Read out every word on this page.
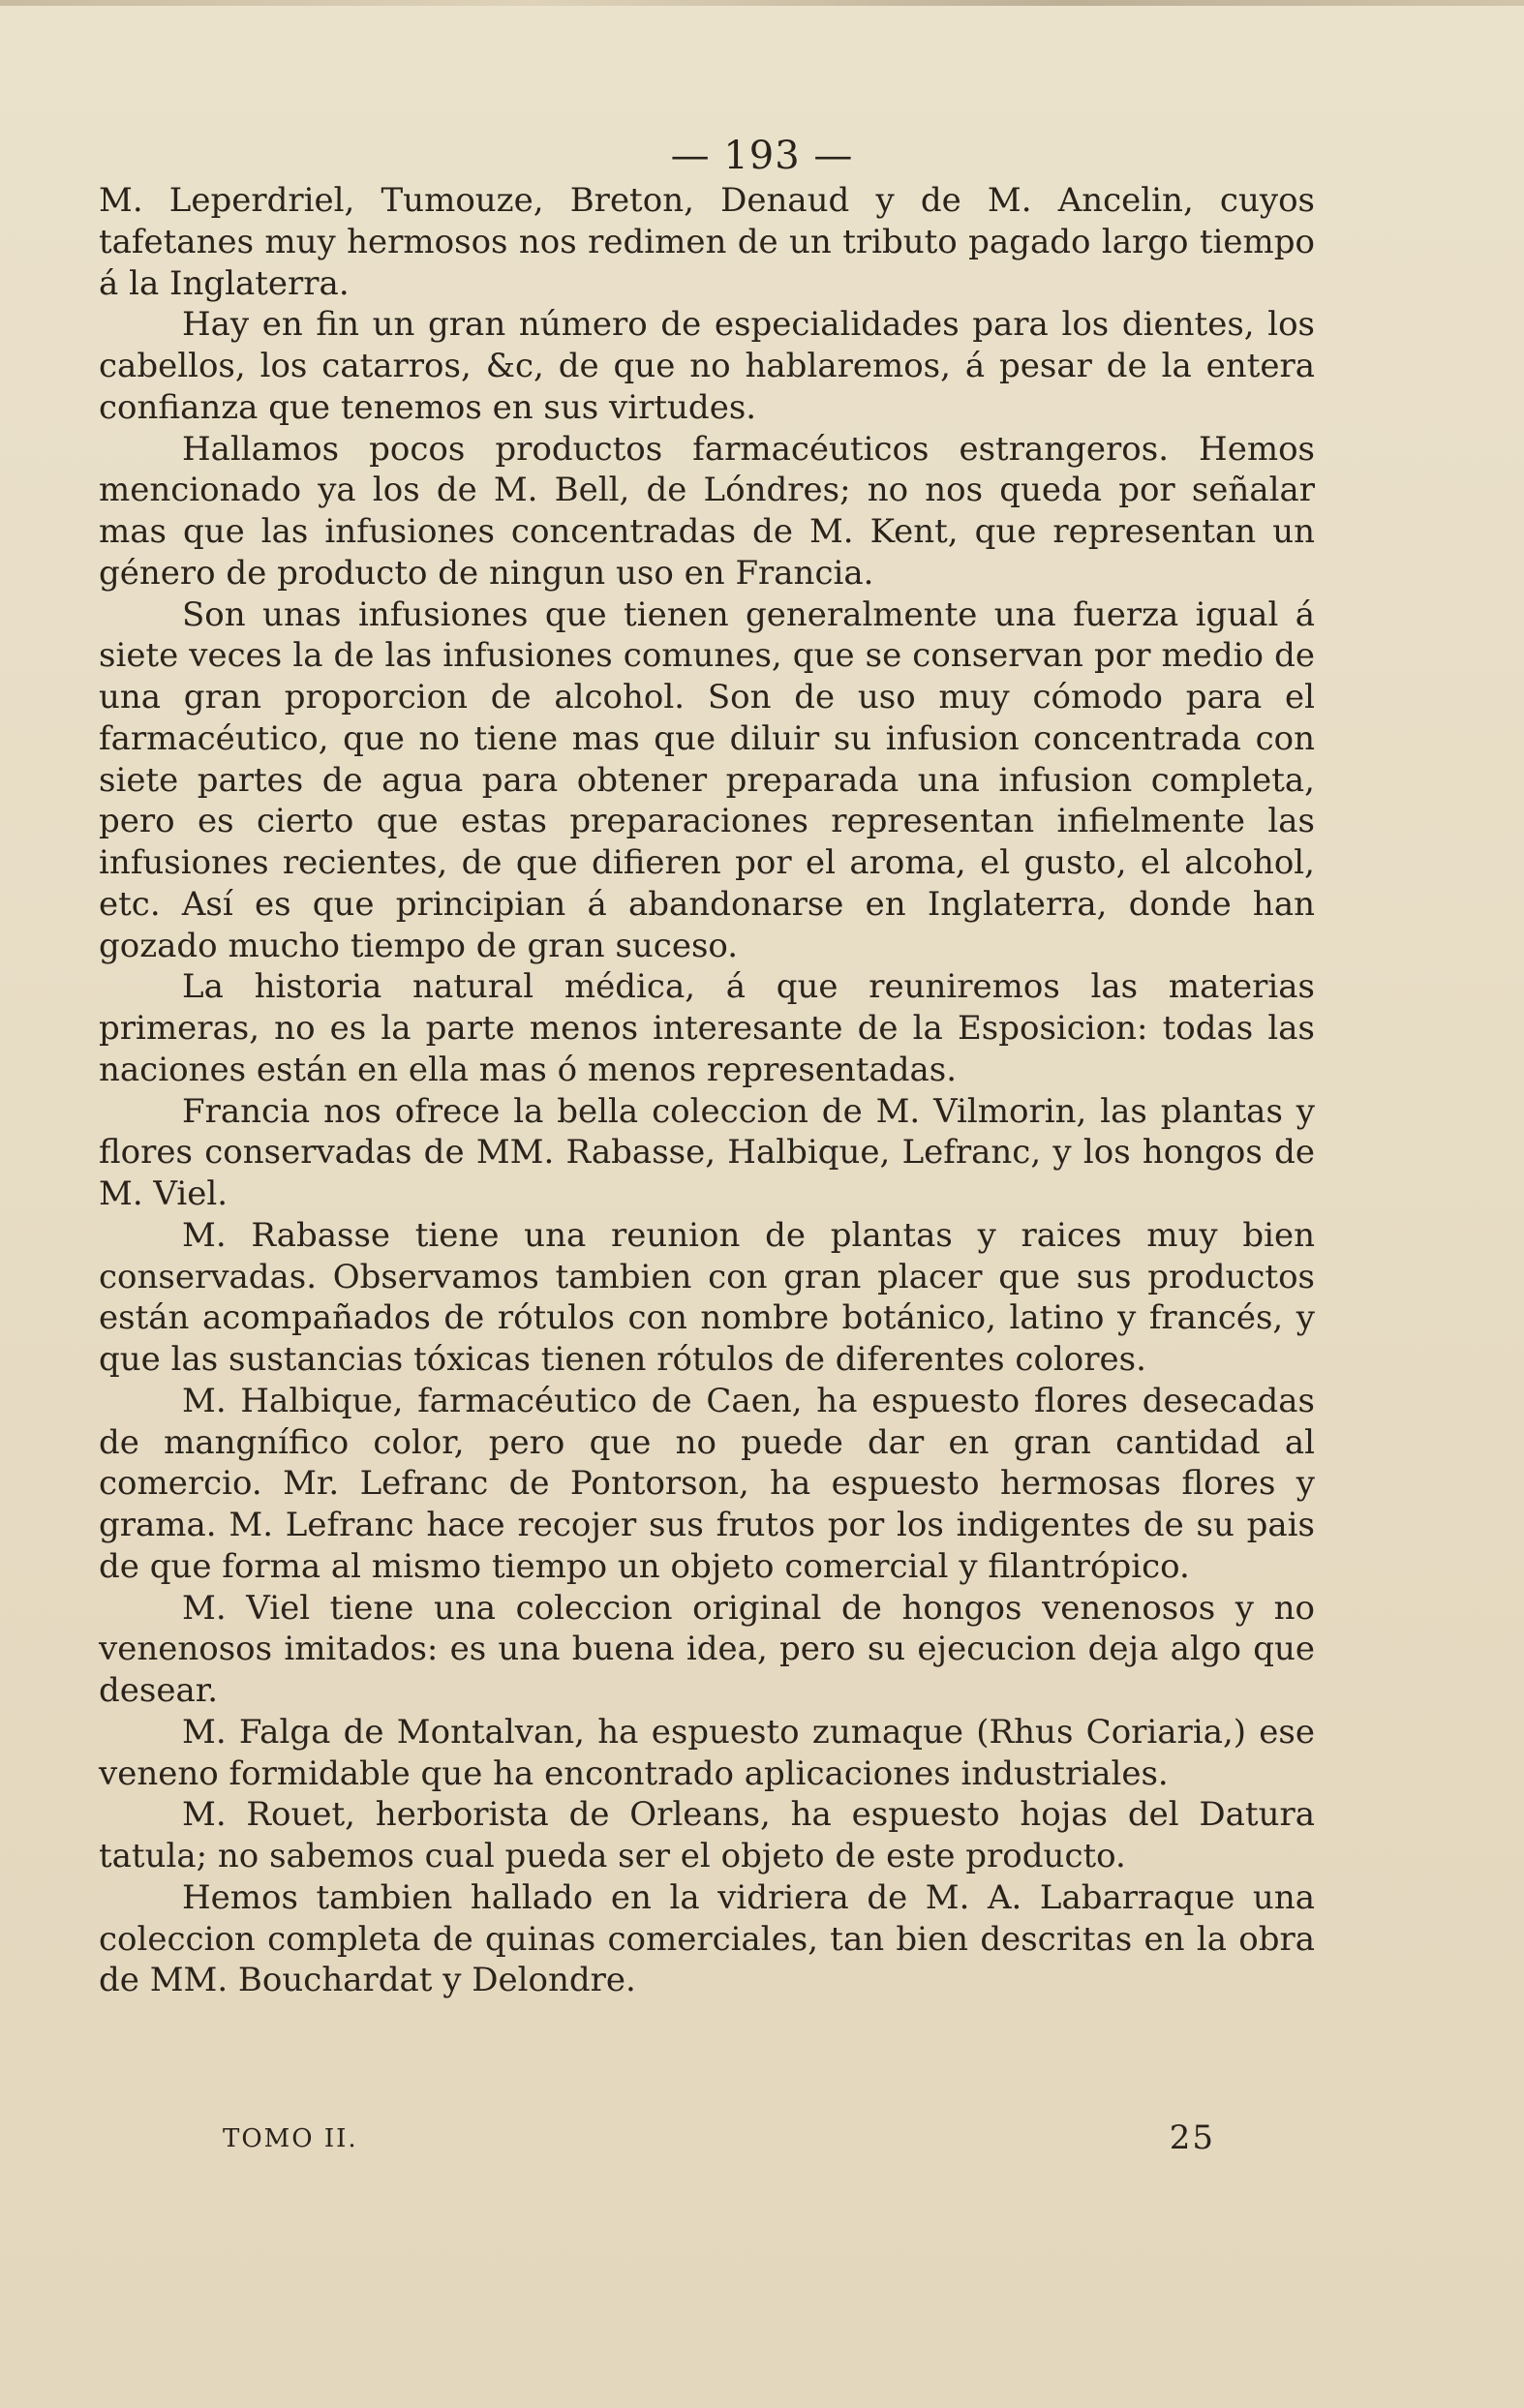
— 193 —

M. Leperdriel, Tumouze, Breton, Denaud y de M. Ancelin, cuyos tafetanes muy hermosos nos redimen de un tributo pagado largo tiempo á la Inglaterra.

Hay en fin un gran número de especialidades para los dientes, los cabellos, los catarros, &c, de que no hablaremos, á pesar de la entera confianza que tenemos en sus virtudes.

Hallamos pocos productos farmacéuticos estrangeros. Hemos mencionado ya los de M. Bell, de Lóndres; no nos queda por señalar mas que las infusiones concentradas de M. Kent, que representan un género de producto de ningun uso en Francia.

Son unas infusiones que tienen generalmente una fuerza igual á siete veces la de las infusiones comunes, que se conservan por medio de una gran proporcion de alcohol. Son de uso muy cómodo para el farmacéutico, que no tiene mas que diluir su infusion concentrada con siete partes de agua para obtener preparada una infusion completa, pero es cierto que estas preparaciones representan infielmente las infusiones recientes, de que difieren por el aroma, el gusto, el alcohol, etc. Así es que principian á abandonarse en Inglaterra, donde han gozado mucho tiempo de gran suceso.

La historia natural médica, á que reuniremos las materias primeras, no es la parte menos interesante de la Esposicion: todas las naciones están en ella mas ó menos representadas.

Francia nos ofrece la bella coleccion de M. Vilmorin, las plantas y flores conservadas de MM. Rabasse, Halbique, Lefranc, y los hongos de M. Viel.

M. Rabasse tiene una reunion de plantas y raices muy bien conservadas. Observamos tambien con gran placer que sus productos están acompañados de rótulos con nombre botánico, latino y francés, y que las sustancias tóxicas tienen rótulos de diferentes colores.

M. Halbique, farmacéutico de Caen, ha espuesto flores desecadas de mangnífico color, pero que no puede dar en gran cantidad al comercio. Mr. Lefranc de Pontorson, ha espuesto hermosas flores y grama. M. Lefranc hace recojer sus frutos por los indigentes de su pais de que forma al mismo tiempo un objeto comercial y filantrópico.

M. Viel tiene una coleccion original de hongos venenosos y no venenosos imitados: es una buena idea, pero su ejecucion deja algo que desear.

M. Falga de Montalvan, ha espuesto zumaque (Rhus Coriaria,) ese veneno formidable que ha encontrado aplicaciones industriales.

M. Rouet, herborista de Orleans, ha espuesto hojas del Datura tatula; no sabemos cual pueda ser el objeto de este producto.

Hemos tambien hallado en la vidriera de M. A. Labarraque una coleccion completa de quinas comerciales, tan bien descritas en la obra de MM. Bouchardat y Delondre.

TOMO II.	25
